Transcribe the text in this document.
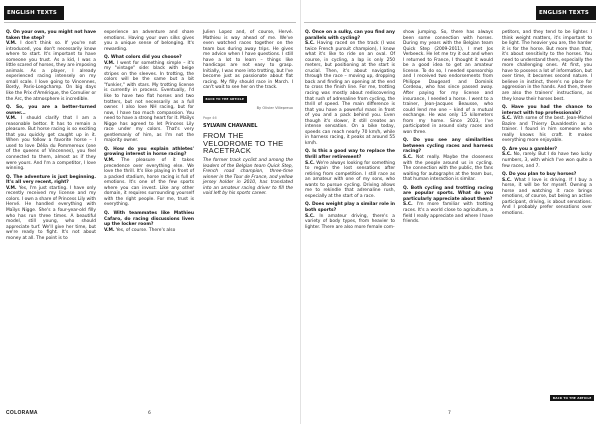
ENGLISH TEXTS

Q. On your own, you might not have taken the step?
V.M. I don't think so. If you're not introduced, you don't necessarily know where to start. It's important to have someone you trust. As a kid, I was a little scared of horses, they are imposing animals. As a player, I already experienced racing intensely on my small scale. I love going to Vincennes, Bordy, Paris-Longchamp. On big days like the Prix d'Amérique, the Cornulier or the Arc, the atmosphere is incredible.

Q. So, you are a better-turned owner...
V.M. I should clarify that I am a reasonable bettor. It has to remain a pleasure. But horse racing is so exciting that you quickly get caught up in it. When you follow a favorite horse – I used to love Délia du Pommereux (one of the queens of Vincennes), you feel connected to them, almost as if they were yours. And I'm a competitor, I love winning.

Q. The adventure is just beginning. It's all very recent, right?
V.M. Yes, I'm just starting. I have only recently received my license and my colors. I own a share of Princess Lily with Hervé. He handled everything with Maïlys Nigge. She's a four-year-old filly who has run three times. A beautiful model, still young, who should appreciate turf. We'll give her time, but we're ready to fight. It's not about money at all. The point is to

experience an adventure and share emotions. Having your own silks gives you a unique sense of belonging. It's rewarding.

Q. What colors did you choose?
V.M. I went for something simple – it's my "vintage" side: black with beige stripes on the sleeves. In trotting, the colors will be the same but a bit "funkier," with stars. My trotting license is currently in process. Eventually, I'd like to have two flat horses and two trotters, but not necessarily as a full owner. I also love NH racing, but for now, I have too much compassion. You need to have a strong heart for it. Maïlys Nigge has agreed to let Princess Lily race under my colors. That's very gentlemanly of him, as I'm not the majority owner.

Q. How do you explain athletes' growing interest in horse racing?
V.M. The pleasure of it takes precedence over everything else. We love the thrill. It's like playing in front of a packed stadium, horse racing is full of emotions. It's one of the few sports where you can invest. Like any other domain, it requires surrounding yourself with the right people. For me, trust is everything.

Q. With teammates like Mathieu Cafaro, do racing discussions liven up the locker room?
V.M. Yes, of course. There's also

Julien Lopez and, of course, Hervé. Mathieu is way ahead of me. We've even watched races together on the team bus during away trips. He gives me advice when I have questions. I still have a lot to learn – things like handicaps are not easy to grasp. Initially, I was more into trotting, but I've become just as passionate about flat racing. My filly should race in March. I can't wait to see her on the track.

BACK TO THE ARTICLE
By Olivier Villepreux
Page 46
SYLVAIN CHAVANEL
FROM THE VELODROME TO THE RACETRACK

The former track cyclist and among the leaders of the Belgian team Quick Step, French road champion, three-time winner in the Tour de France, and yellow jersey holder in 2010, has translated into an amateur racing driver to fill the void left by his sports career.

COLORAMA	6
ENGLISH TEXTS

Q. Once on a sulky, can you find any parallels with cycling?
S.C. Having raced on the track (I was twice French pursuit champion), I know what it's like to ride on an oval. Of course, in cycling, a lap is only 250 meters, but positioning at the start is crucial. Then, it's about navigating through the race – moving up, dropping back and finding an opening at the end to cross the finish line. For me, trotting racing was mostly about rediscovering that rush of adrenaline from cycling, the thrill of speed. The main difference is that you have a powerful mass in front of you and a pack behind you. Even though it's slower, it still creates an intense sensation. On a bike today, speeds can reach nearly 70 km/h, while in harness racing, it peaks at around 55 km/h.

Q. Is this a good way to replace the thrill after retirement?
S.C. We're always looking for something to regain the lost sensations after retiring from competition. I still race as an amateur with one of my sons, who wants to pursue cycling. Driving allows me to rekindle that adrenaline rush, especially at the start of a race.

Q. Does weight play a similar role in both sports?
S.C. In amateur driving, there's a variety of body types, from heavier to lighter. There are also more female com-

show jumping. So, there has always been some connection with horses. During my years with the Belgian team Quick Step (2009-2011), I met Jos Verbeeck. He let me try it out and when I returned to France, I thought it would be a good idea to get an amateur license. To do so, I needed sponsorship and I received two endorsements from Philippe Daugeard and Dominik Cordeau, who has since passed away. After paying for my license and insurance, I needed a horse. I went to a trainer, Jean-Jacques Beausse, who could lend me one – kind of a mutual exchange. He was only 15 kilometers from my home. Since 2023, I've participated in around sixty races and won three.

Q. Do you see any similarities between cycling races and harness racing?
S.C. Not really. Maybe the closeness with the people around us in cycling. The connection with the public, the fans waiting for autographs at the team bus, that human interaction is similar.

Q. Both cycling and trotting racing are popular sports. What do you particularly appreciate about them?
S.C. I'm more familiar with trotting races. It's a world close to agriculture, a field I really appreciate and where I have friends.

petitors, and they tend to be lighter. I think weight matters, it's important to be light. The heavier you are, the harder it is for the horse. But more than that, it's about sensitivity to the horses. You need to understand them, especially the more challenging ones. At first, you have to possess a lot of information, but over time, it becomes second nature. I believe in instinct, there's no place for aggression in the hands. And then, there are also the trainers' instructions, as they know their horses best.

Q. Have you had the chance to interact with top professionals?
S.C. With some of the best. Jean-Michel Bazire and Thierry Duvaldestin as a trainer. I found in him someone who really knows his craft. It makes everything more enjoyable.

Q. Are you a gambler?
S.C. No, rarely. But I do have two lucky numbers, 3, with which I've won quite a few races, and 7.

Q. Do you plan to buy horses?
S.C. What I love is driving. If I buy a horse, it will be for myself. Owning a horse and watching it race brings emotions, of course, but being an active participant, driving, is about sensations. And I probably prefer sensations over emotions.

BACK TO THE ARTICLE
7
